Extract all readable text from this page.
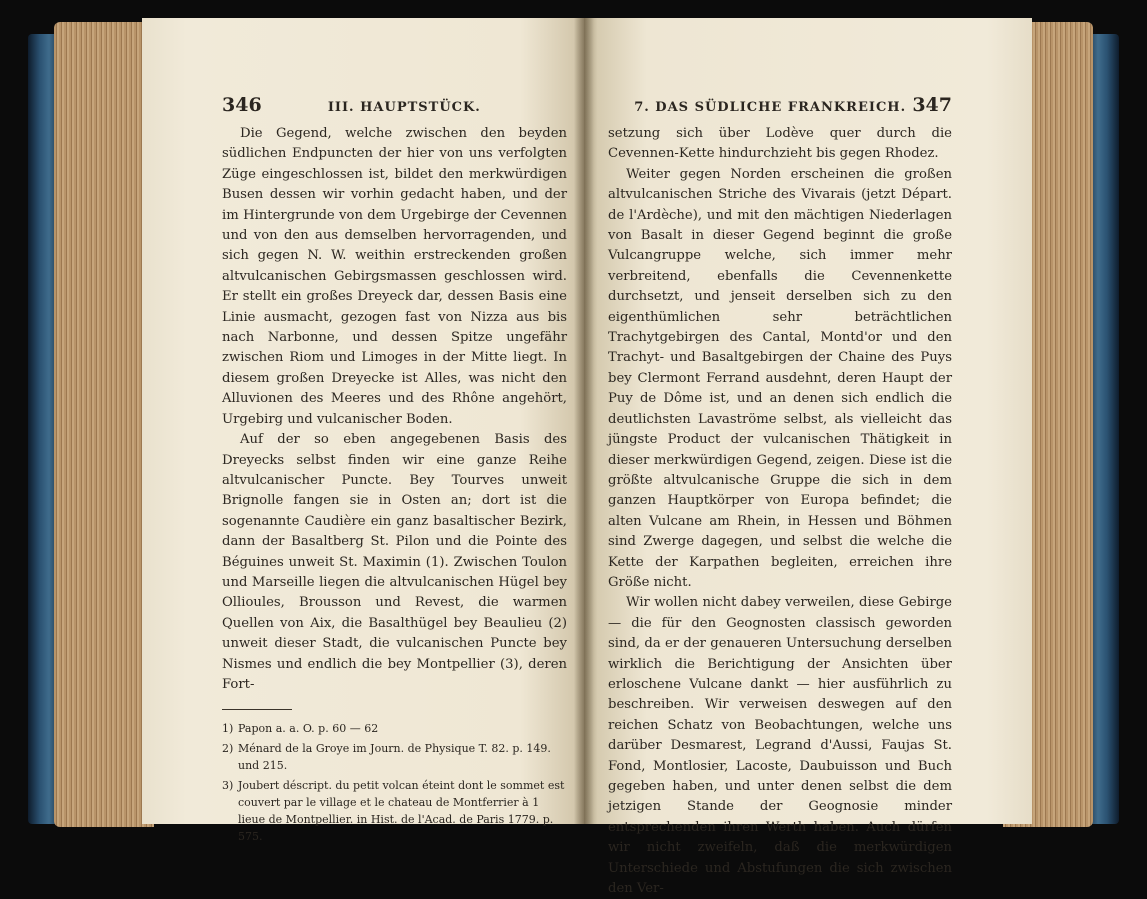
346	III. HAUPTSTÜCK.

Die Gegend, welche zwischen den beyden südlichen Endpuncten der hier von uns verfolgten Züge eingeschlossen ist, bildet den merkwürdigen Busen dessen wir vorhin gedacht haben, und der im Hintergrunde von dem Urgebirge der Cevennen und von den aus demselben hervorragenden, und sich gegen N. W. weithin erstreckenden großen altvulcanischen Gebirgsmassen geschlossen wird. Er stellt ein großes Dreyeck dar, dessen Basis eine Linie ausmacht, gezogen fast von Nizza aus bis nach Narbonne, und dessen Spitze ungefähr zwischen Riom und Limoges in der Mitte liegt. In diesem großen Dreyecke ist Alles, was nicht den Alluvionen des Meeres und des Rhône angehört, Urgebirg und vulcanischer Boden.

Auf der so eben angegebenen Basis des Dreyecks selbst finden wir eine ganze Reihe altvulcanischer Puncte. Bey Tourves unweit Brignolle fangen sie in Osten an; dort ist die sogenannte Caudière ein ganz basaltischer Bezirk, dann der Basaltberg St. Pilon und die Pointe des Béguines unweit St. Maximin (1). Zwischen Toulon und Marseille liegen die altvulcanischen Hügel bey Ollioules, Brousson und Revest, die warmen Quellen von Aix, die Basalthügel bey Beaulieu (2) unweit dieser Stadt, die vulcanischen Puncte bey Nismes und endlich die bey Montpellier (3), deren Fort-

1) Papon a. a. O. p. 60 — 62
2) Ménard de la Groye im Journ. de Physique T. 82. p. 149. und 215.
3) Joubert déscript. du petit volcan éteint dont le sommet est couvert par le village et le chateau de Montferrier à 1 lieue de Montpellier. in Hist. de l'Acad. de Paris 1779. p. 575.
7. DAS SÜDLICHE FRANKREICH. 347

setzung sich über Lodève quer durch die Cevennen-Kette hindurchzieht bis gegen Rhodez.

Weiter gegen Norden erscheinen die großen altvulcanischen Striche des Vivarais (jetzt Départ. de l'Ardèche), und mit den mächtigen Niederlagen von Basalt in dieser Gegend beginnt die große Vulcangruppe welche, sich immer mehr verbreitend, ebenfalls die Cevennenkette durchsetzt, und jenseit derselben sich zu den eigenthümlichen sehr beträchtlichen Trachytgebirgen des Cantal, Montd'or und den Trachyt- und Basaltgebirgen der Chaine des Puys bey Clermont Ferrand ausdehnt, deren Haupt der Puy de Dôme ist, und an denen sich endlich die deutlichsten Lavaströme selbst, als vielleicht das jüngste Product der vulcanischen Thätigkeit in dieser merkwürdigen Gegend, zeigen. Diese ist die größte altvulcanische Gruppe die sich in dem ganzen Hauptkörper von Europa befindet; die alten Vulcane am Rhein, in Hessen und Böhmen sind Zwerge dagegen, und selbst die welche die Kette der Karpathen begleiten, erreichen ihre Größe nicht.

Wir wollen nicht dabey verweilen, diese Gebirge — die für den Geognosten classisch geworden sind, da er der genaueren Untersuchung derselben wirklich die Berichtigung der Ansichten über erloschene Vulcane dankt — hier ausführlich zu beschreiben. Wir verweisen deswegen auf den reichen Schatz von Beobachtungen, welche uns darüber Desmarest, Legrand d'Aussi, Faujas St. Fond, Montlosier, Lacoste, Daubuisson und Buch gegeben haben, und unter denen selbst die dem jetzigen Stande der Geognosie minder entsprechenden ihren Werth haben. Auch dürfen wir nicht zweifeln, daß die merkwürdigen Unterschiede und Abstufungen die sich zwischen den Ver-
